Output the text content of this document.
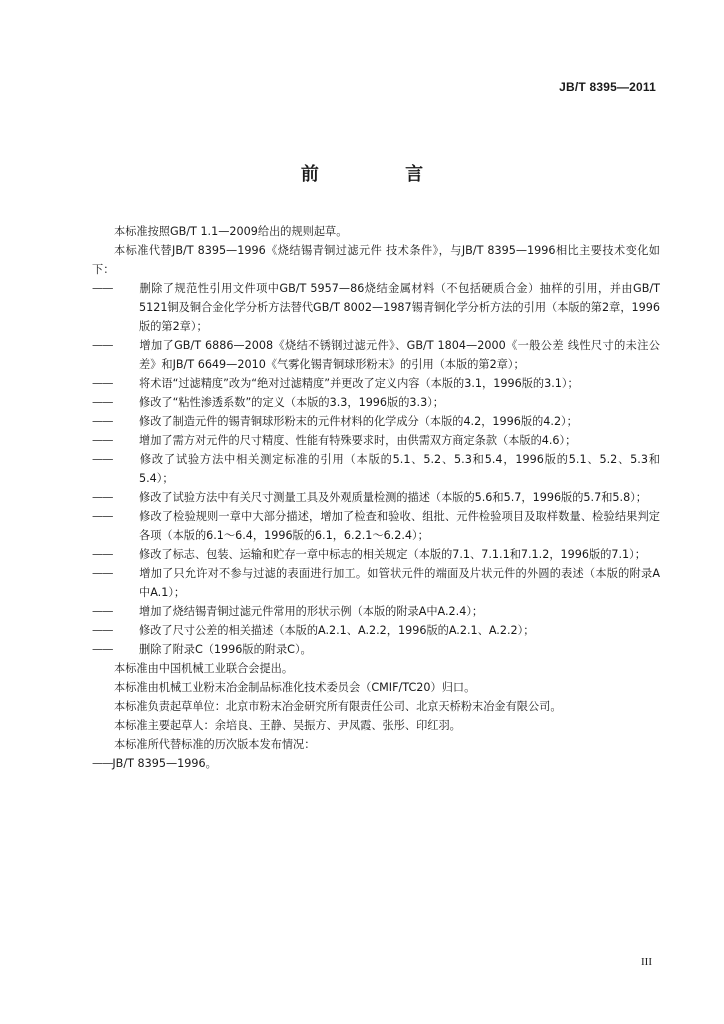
JB/T 8395—2011
前 言

本标准按照GB/T 1.1—2009给出的规则起草。

本标准代替JB/T 8395—1996《烧结锡青铜过滤元件 技术条件》，与JB/T 8395—1996相比主要技术变化如下：

—— 删除了规范性引用文件项中GB/T 5957—86烧结金属材料（不包括硬质合金）抽样的引用，并由GB/T 5121铜及铜合金化学分析方法替代GB/T 8002—1987锡青铜化学分析方法的引用（本版的第2章，1996版的第2章）；

—— 增加了GB/T 6886—2008《烧结不锈钢过滤元件》、GB/T 1804—2000《一般公差 线性尺寸的未注公差》和JB/T 6649—2010《气雾化锡青铜球形粉末》的引用（本版的第2章）；

—— 将术语“过滤精度”改为“绝对过滤精度”并更改了定义内容（本版的3.1，1996版的3.1）；

—— 修改了“粘性渗透系数”的定义（本版的3.3，1996版的3.3）；

—— 修改了制造元件的锡青铜球形粉末的元件材料的化学成分（本版的4.2，1996版的4.2）；

—— 增加了需方对元件的尺寸精度、性能有特殊要求时，由供需双方商定条款（本版的4.6）；

—— 修改了试验方法中相关测定标准的引用（本版的5.1、5.2、5.3和5.4，1996版的5.1、5.2、5.3和5.4）；

—— 修改了试验方法中有关尺寸测量工具及外观质量检测的描述（本版的5.6和5.7，1996版的5.7和5.8）；

—— 修改了检验规则一章中大部分描述，增加了检查和验收、组批、元件检验项目及取样数量、检验结果判定各项（本版的6.1～6.4，1996版的6.1，6.2.1～6.2.4）；

—— 修改了标志、包装、运输和贮存一章中标志的相关规定（本版的7.1、7.1.1和7.1.2，1996版的7.1）；

—— 增加了只允许对不参与过滤的表面进行加工。如管状元件的端面及片状元件的外圆的表述（本版的附录A中A.1）；

—— 增加了烧结锡青铜过滤元件常用的形状示例（本版的附录A中A.2.4）；

—— 修改了尺寸公差的相关描述（本版的A.2.1、A.2.2，1996版的A.2.1、A.2.2）；

—— 删除了附录C（1996版的附录C）。

本标准由中国机械工业联合会提出。

本标准由机械工业粉末冶金制品标准化技术委员会（CMIF/TC20）归口。

本标准负责起草单位：北京市粉末冶金研究所有限责任公司、北京天桥粉末冶金有限公司。

本标准主要起草人：余培良、王静、吴振方、尹凤霞、张彤、印红羽。

本标准所代替标准的历次版本发布情况：

——JB/T 8395—1996。

III
